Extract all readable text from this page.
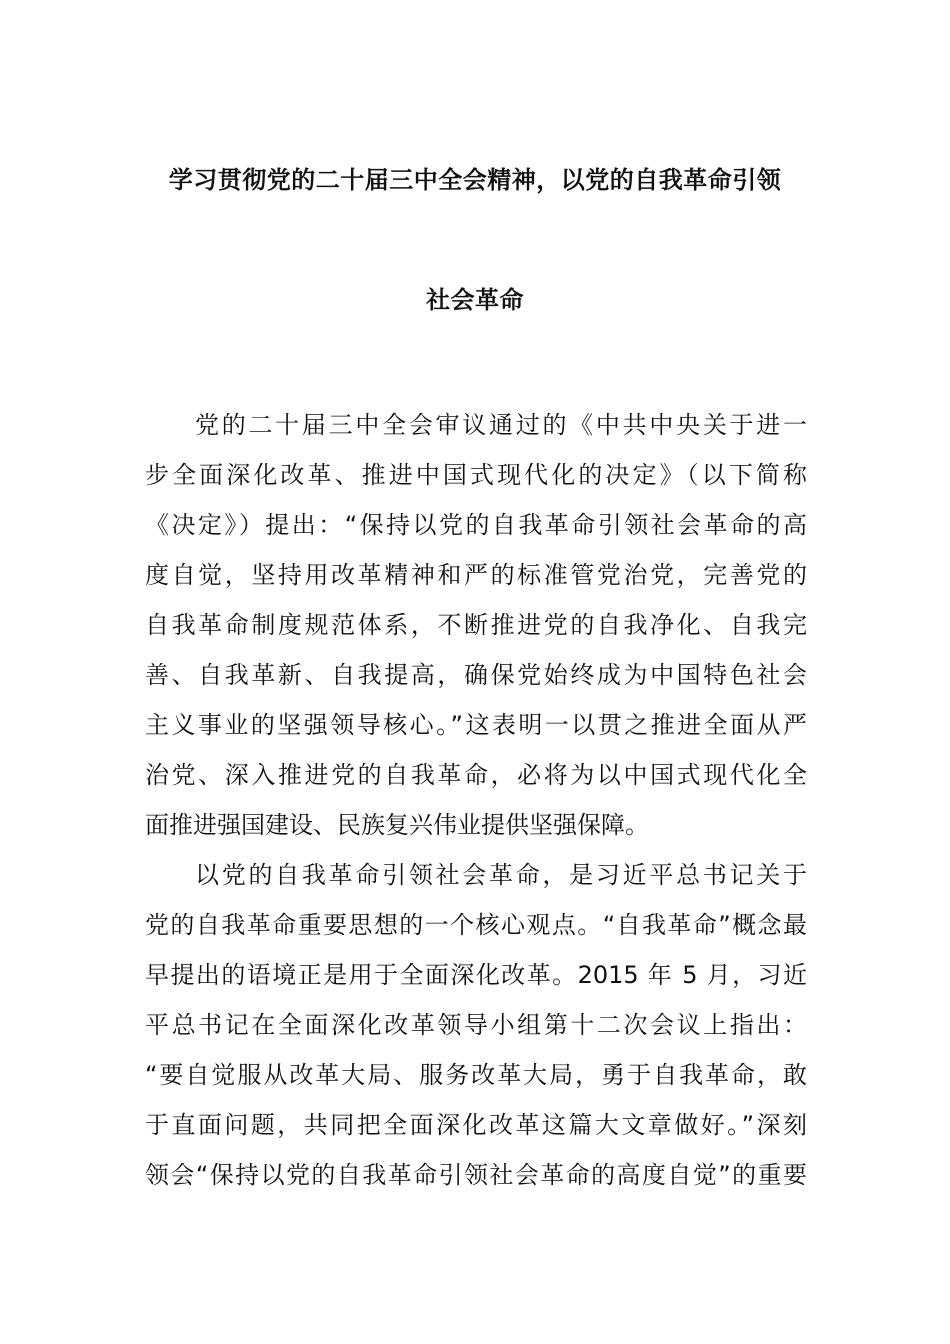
学习贯彻党的二十届三中全会精神，以党的自我革命引领
社会革命
党的二十届三中全会审议通过的《中共中央关于进一
步全面深化改革、推进中国式现代化的决定》（以下简称
《决定》）提出：“保持以党的自我革命引领社会革命的高
度自觉，坚持用改革精神和严的标准管党治党，完善党的
自我革命制度规范体系，不断推进党的自我净化、自我完
善、自我革新、自我提高，确保党始终成为中国特色社会
主义事业的坚强领导核心。”这表明一以贯之推进全面从严
治党、深入推进党的自我革命，必将为以中国式现代化全
面推进强国建设、民族复兴伟业提供坚强保障。
以党的自我革命引领社会革命，是习近平总书记关于
党的自我革命重要思想的一个核心观点。“自我革命”概念最
早提出的语境正是用于全面深化改革。2015 年 5 月，习近
平总书记在全面深化改革领导小组第十二次会议上指出：
“要自觉服从改革大局、服务改革大局，勇于自我革命，敢
于直面问题，共同把全面深化改革这篇大文章做好。”深刻
领会“保持以党的自我革命引领社会革命的高度自觉”的重要
